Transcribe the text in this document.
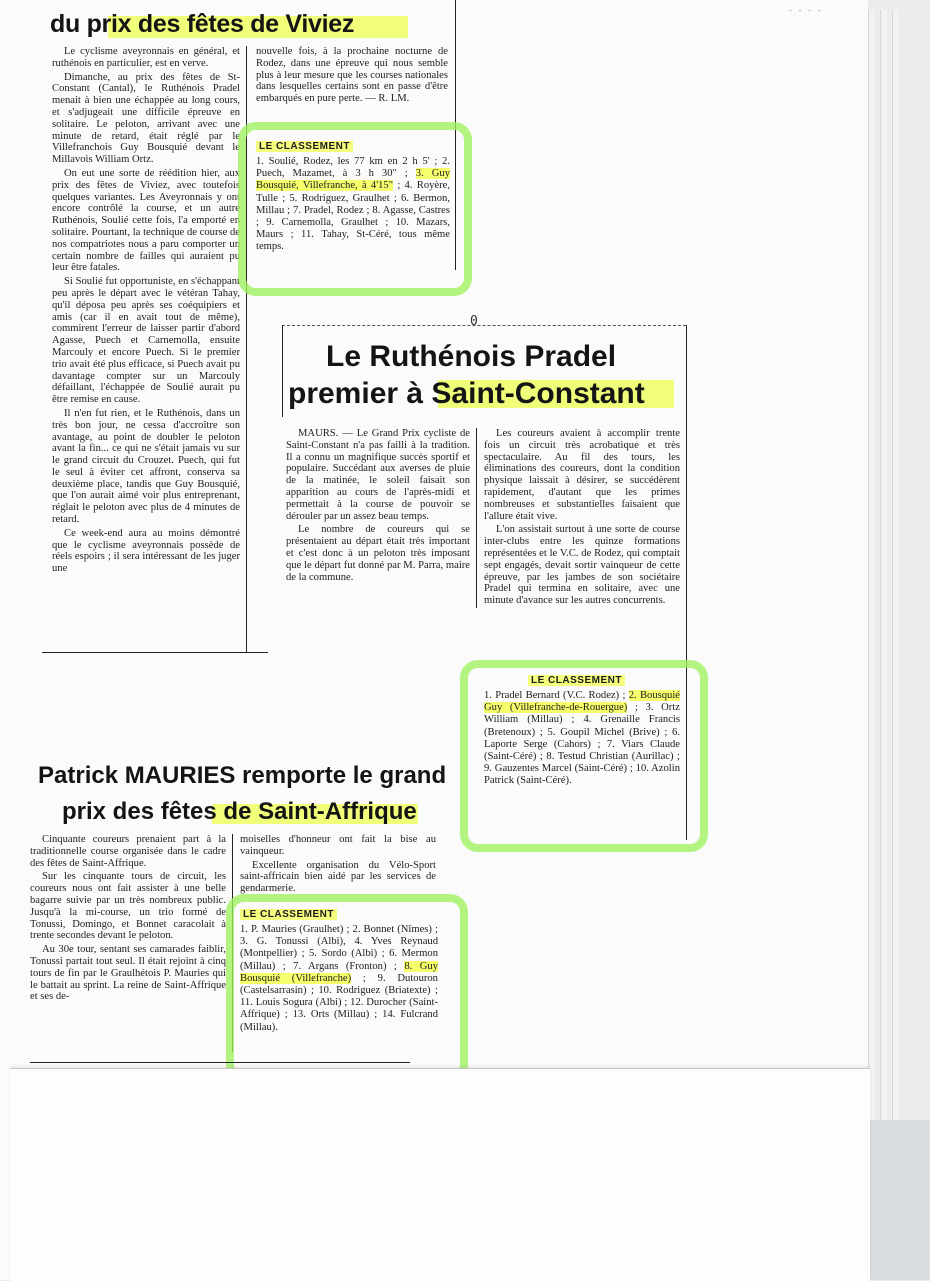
- - - -
du prix des fêtes de Viviez

Le cyclisme aveyronnais en général, et ruthénois en particulier, est en verve.

Dimanche, au prix des fêtes de St-Constant (Cantal), le Ruthénois Pradel menait à bien une échappée au long cours, et s'adjugeait une difficile épreuve en solitaire. Le peloton, arrivant avec une minute de retard, était réglé par le Villefranchois Guy Bousquié devant le Millavois William Ortz.

On eut une sorte de réédition hier, aux prix des fêtes de Viviez, avec toutefois quelques variantes. Les Aveyronnais y ont encore contrôlé la course, et un autre Ruthénois, Soulié cette fois, l'a emporté en solitaire. Pourtant, la technique de course de nos compatriotes nous a paru comporter un certain nombre de failles qui auraient pu leur être fatales.

Si Soulié fut opportuniste, en s'échappant peu après le départ avec le vétéran Tahay, qu'il déposa peu après ses coéquipiers et amis (car il en avait tout de même), commirent l'erreur de laisser partir d'abord Agasse, Puech et Carnemolla, ensuite Marcouly et encore Puech. Si le premier trio avait été plus efficace, si Puech avait pu davantage compter sur un Marcouly défaillant, l'échappée de Soulié aurait pu être remise en cause.

Il n'en fut rien, et le Ruthénois, dans un très bon jour, ne cessa d'accroître son avantage, au point de doubler le peloton avant la fin... ce qui ne s'était jamais vu sur le grand circuit du Crouzet. Puech, qui fut le seul à éviter cet affront, conserva sa deuxième place, tandis que Guy Bousquié, que l'on aurait aimé voir plus entreprenant, réglait le peloton avec plus de 4 minutes de retard.

Ce week-end aura au moins démontré que le cyclisme aveyronnais possède de réels espoirs ; il sera intéressant de les juger une

nouvelle fois, à la prochaine nocturne de Rodez, dans une épreuve qui nous semble plus à leur mesure que les courses nationales dans lesquelles certains sont en passe d'être embarqués en pure perte. — R. LM.

LE CLASSEMENT

1. Soulié, Rodez, les 77 km en 2 h 5' ; 2. Puech, Mazamet, à 3 h 30" ; 3. Guy Bousquié, Villefranche, à 4'15" ; 4. Royère, Tulle ; 5. Rodriguez, Graulhet ; 6. Bermon, Millau ; 7. Pradel, Rodez ; 8. Agasse, Castres ; 9. Carnemolla, Graulhet ; 10. Mazars, Maurs ; 11. Tahay, St-Céré, tous même temps.

0
Le Ruthénois Pradel
premier à Saint-Constant

MAURS. — Le Grand Prix cycliste de Saint-Constant n'a pas failli à la tradition. Il a connu un magnifique succès sportif et populaire. Succédant aux averses de pluie de la matinée, le soleil faisait son apparition au cours de l'après-midi et permettait à la course de pouvoir se dérouler par un assez beau temps.

Le nombre de coureurs qui se présentaient au départ était très important et c'est donc à un peloton très imposant que le départ fut donné par M. Parra, maire de la commune.

Les coureurs avaient à accomplir trente fois un circuit très acrobatique et très spectaculaire. Au fil des tours, les éliminations des coureurs, dont la condition physique laissait à désirer, se succédèrent rapidement, d'autant que les primes nombreuses et substantielles faisaient que l'allure était vive.

L'on assistait surtout à une sorte de course inter-clubs entre les quinze formations représentées et le V.C. de Rodez, qui comptait sept engagés, devait sortir vainqueur de cette épreuve, par les jambes de son sociétaire Pradel qui termina en solitaire, avec une minute d'avance sur les autres concurrents.

LE CLASSEMENT

1. Pradel Bernard (V.C. Rodez) ; 2. Bousquié Guy (Villefranche-de-Rouergue) ; 3. Ortz William (Millau) ; 4. Grenaille Francis (Bretenoux) ; 5. Goupil Michel (Brive) ; 6. Laporte Serge (Cahors) ; 7. Viars Claude (Saint-Céré) ; 8. Testud Christian (Aurillac) ; 9. Gauzentes Marcel (Saint-Céré) ; 10. Azolin Patrick (Saint-Céré).

Patrick MAURIES remporte le grand
prix des fêtes de Saint-Affrique

Cinquante coureurs prenaient part à la traditionnelle course organisée dans le cadre des fêtes de Saint-Affrique.

Sur les cinquante tours de circuit, les coureurs nous ont fait assister à une belle bagarre suivie par un très nombreux public. Jusqu'à la mi-course, un trio formé de Tonussi, Domingo, et Bonnet caracolait à trente secondes devant le peloton.

Au 30e tour, sentant ses camarades faiblir, Tonussi partait tout seul. Il était rejoint à cinq tours de fin par le Graulhétois P. Mauries qui le battait au sprint. La reine de Saint-Affrique et ses de-

moiselles d'honneur ont fait la bise au vainqueur.

Excellente organisation du Vélo-Sport saint-affricain bien aidé par les services de gendarmerie.

LE CLASSEMENT

1. P. Mauries (Graulhet) ; 2. Bonnet (Nîmes) ; 3. G. Tonussi (Albi), 4. Yves Reynaud (Montpellier) ; 5. Sordo (Albi) ; 6. Mermon (Millau) ; 7. Argans (Fronton) ; 8. Guy Bousquié (Villefranche) ; 9. Dutouron (Castelsarrasin) ; 10. Rodriguez (Briatexte) ; 11. Louis Sogura (Albi) ; 12. Durocher (Saint-Affrique) ; 13. Orts (Millau) ; 14. Fulcrand (Millau).
